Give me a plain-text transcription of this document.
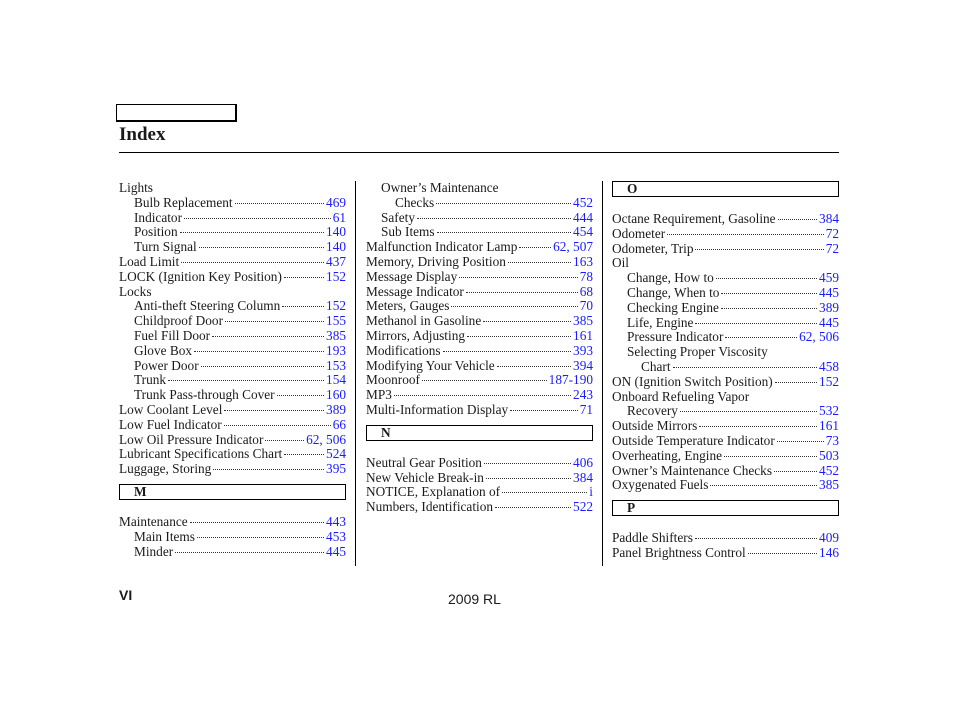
Index
Lights
Bulb Replacement	469
Indicator	61
Position	140
Turn Signal	140
Load Limit	437
LOCK (Ignition Key Position)	152
Locks
Anti-theft Steering Column	152
Childproof Door	155
Fuel Fill Door	385
Glove Box	193
Power Door	153
Trunk	154
Trunk Pass-through Cover	160
Low Coolant Level	389
Low Fuel Indicator	66
Low Oil Pressure Indicator	62, 506
Lubricant Specifications Chart	524
Luggage, Storing	395
M
Maintenance	443
Main Items	453
Minder	445
Owner’s Maintenance
Checks	452
Safety	444
Sub Items	454
Malfunction Indicator Lamp	62, 507
Memory, Driving Position	163
Message Display	78
Message Indicator	68
Meters, Gauges	70
Methanol in Gasoline	385
Mirrors, Adjusting	161
Modifications	393
Modifying Your Vehicle	394
Moonroof	187-190
MP3	243
Multi-Information Display	71
N
Neutral Gear Position	406
New Vehicle Break-in	384
NOTICE, Explanation of	i
Numbers, Identification	522
O
Octane Requirement, Gasoline	384
Odometer	72
Odometer, Trip	72
Oil
Change, How to	459
Change, When to	445
Checking Engine	389
Life, Engine	445
Pressure Indicator	62, 506
Selecting Proper Viscosity
Chart	458
ON (Ignition Switch Position)	152
Onboard Refueling Vapor
Recovery	532
Outside Mirrors	161
Outside Temperature Indicator	73
Overheating, Engine	503
Owner’s Maintenance Checks	452
Oxygenated Fuels	385
P
Paddle Shifters	409
Panel Brightness Control	146
VI	2009 RL
